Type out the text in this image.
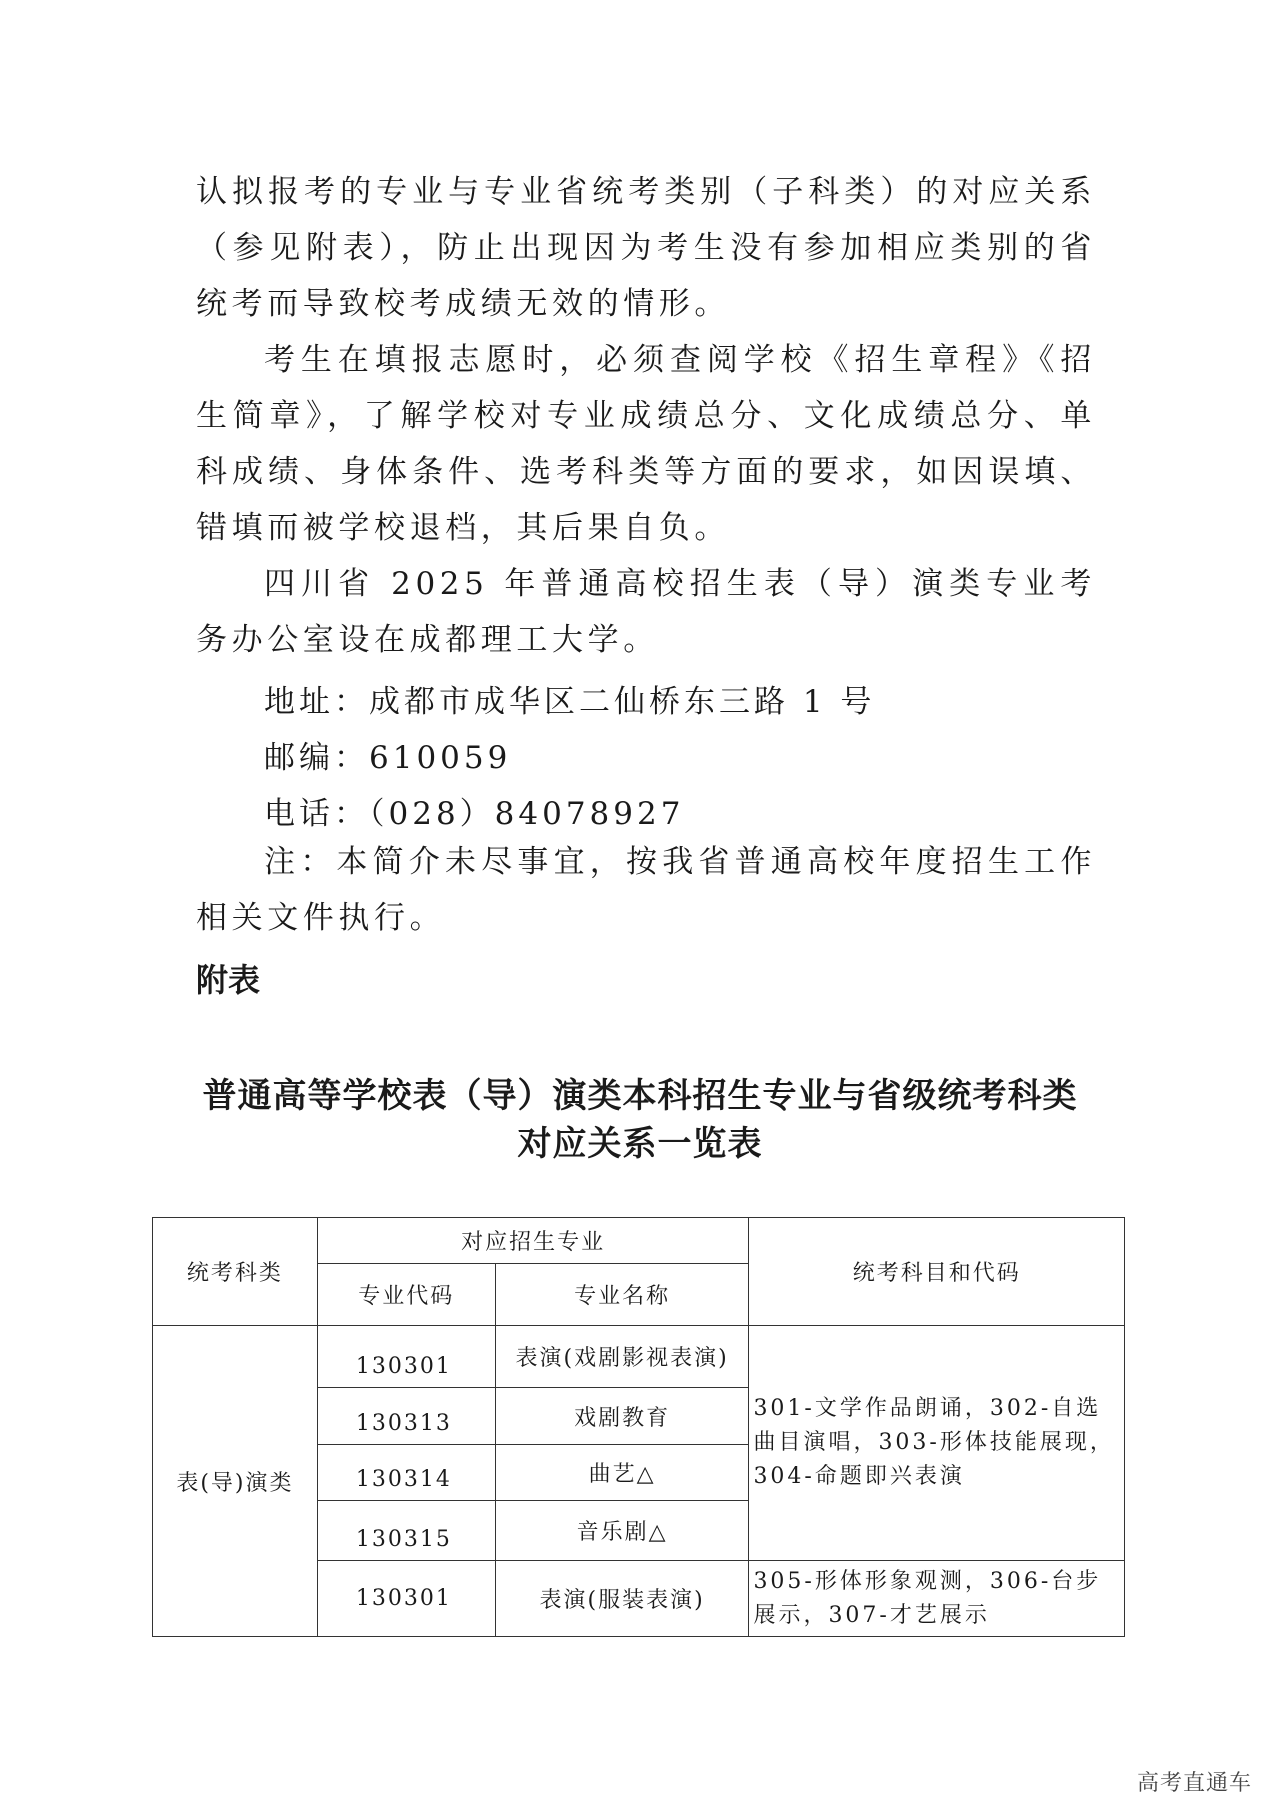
认拟报考的专业与专业省统考类别（子科类）的对应关系（参见附表），防止出现因为考生没有参加相应类别的省统考而导致校考成绩无效的情形。

考生在填报志愿时，必须查阅学校《招生章程》《招生简章》，了解学校对专业成绩总分、文化成绩总分、单科成绩、身体条件、选考科类等方面的要求，如因误填、错填而被学校退档，其后果自负。

四川省 2025 年普通高校招生表（导）演类专业考务办公室设在成都理工大学。

地址：成都市成华区二仙桥东三路 1 号

邮编：610059

电话：（028）84078927

注：本简介未尽事宜，按我省普通高校年度招生工作相关文件执行。

附表

普通高等学校表（导）演类本科招生专业与省级统考科类

对应关系一览表

统考科类	对应招生专业		统考科目和代码
	专业代码	专业名称	
表(导)演类	130301	表演(戏剧影视表演)	301-文学作品朗诵，302-自选曲目演唱，303-形体技能展现，304-命题即兴表演
	130313	戏剧教育	
	130314	曲艺△	
	130315	音乐剧△	
	130301	表演(服装表演)	305-形体形象观测，306-台步展示，307-才艺展示
高考直通车
